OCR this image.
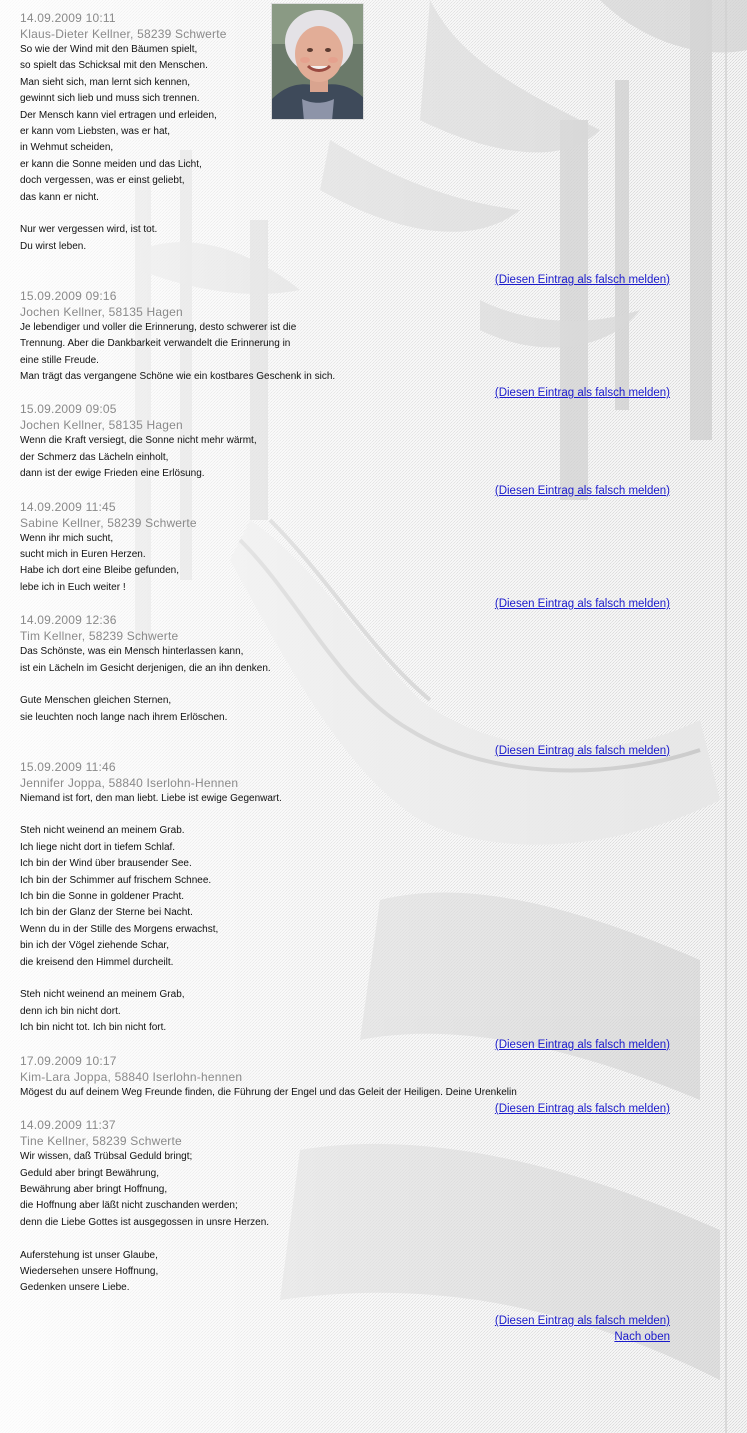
14.09.2009 10:11
Klaus-Dieter Kellner, 58239 Schwerte
So wie der Wind mit den Bäumen spielt,
so spielt das Schicksal mit den Menschen.
Man sieht sich, man lernt sich kennen,
gewinnt sich lieb und muss sich trennen.
Der Mensch kann viel ertragen und erleiden,
er kann vom Liebsten, was er hat,
in Wehmut scheiden,
er kann die Sonne meiden und das Licht,
doch vergessen, was er einst geliebt,
das kann er nicht.

Nur wer vergessen wird, ist tot.
Du wirst leben.

(Diesen Eintrag als falsch melden)
15.09.2009 09:16
Jochen Kellner, 58135 Hagen
Je lebendiger und voller die Erinnerung, desto schwerer ist die
Trennung. Aber die Dankbarkeit verwandelt die Erinnerung in
eine stille Freude.
Man trägt das vergangene Schöne wie ein kostbares Geschenk in sich.
(Diesen Eintrag als falsch melden)
15.09.2009 09:05
Jochen Kellner, 58135 Hagen
Wenn die Kraft versiegt, die Sonne nicht mehr wärmt,
der Schmerz das Lächeln einholt,
dann ist der ewige Frieden eine Erlösung.
(Diesen Eintrag als falsch melden)
14.09.2009 11:45
Sabine Kellner, 58239 Schwerte
Wenn ihr mich sucht,
sucht mich in Euren Herzen.
Habe ich dort eine Bleibe gefunden,
lebe ich in Euch weiter !
(Diesen Eintrag als falsch melden)
14.09.2009 12:36
Tim Kellner, 58239 Schwerte
Das Schönste, was ein Mensch hinterlassen kann,
ist ein Lächeln im Gesicht derjenigen, die an ihn denken.

Gute Menschen gleichen Sternen,
sie leuchten noch lange nach ihrem Erlöschen.

(Diesen Eintrag als falsch melden)
15.09.2009 11:46
Jennifer Joppa, 58840 Iserlohn-Hennen
Niemand ist fort, den man liebt. Liebe ist ewige Gegenwart.

Steh nicht weinend an meinem Grab.
Ich liege nicht dort in tiefem Schlaf.
Ich bin der Wind über brausender See.
Ich bin der Schimmer auf frischem Schnee.
Ich bin die Sonne in goldener Pracht.
Ich bin der Glanz der Sterne bei Nacht.
Wenn du in der Stille des Morgens erwachst,
bin ich der Vögel ziehende Schar,
die kreisend den Himmel durcheilt.

Steh nicht weinend an meinem Grab,
denn ich bin nicht dort.
Ich bin nicht tot. Ich bin nicht fort.
(Diesen Eintrag als falsch melden)
17.09.2009 10:17
Kim-Lara Joppa, 58840 Iserlohn-hennen
Mögest du auf deinem Weg Freunde finden, die Führung der Engel und das Geleit der Heiligen. Deine Urenkelin
(Diesen Eintrag als falsch melden)
14.09.2009 11:37
Tine Kellner, 58239 Schwerte
Wir wissen, daß Trübsal Geduld bringt;
Geduld aber bringt Bewährung,
Bewährung aber bringt Hoffnung,
die Hoffnung aber läßt nicht zuschanden werden;
denn die Liebe Gottes ist ausgegossen in unsre Herzen.

Auferstehung ist unser Glaube,
Wiedersehen unsere Hoffnung,
Gedenken unsere Liebe.

(Diesen Eintrag als falsch melden)
Nach oben
